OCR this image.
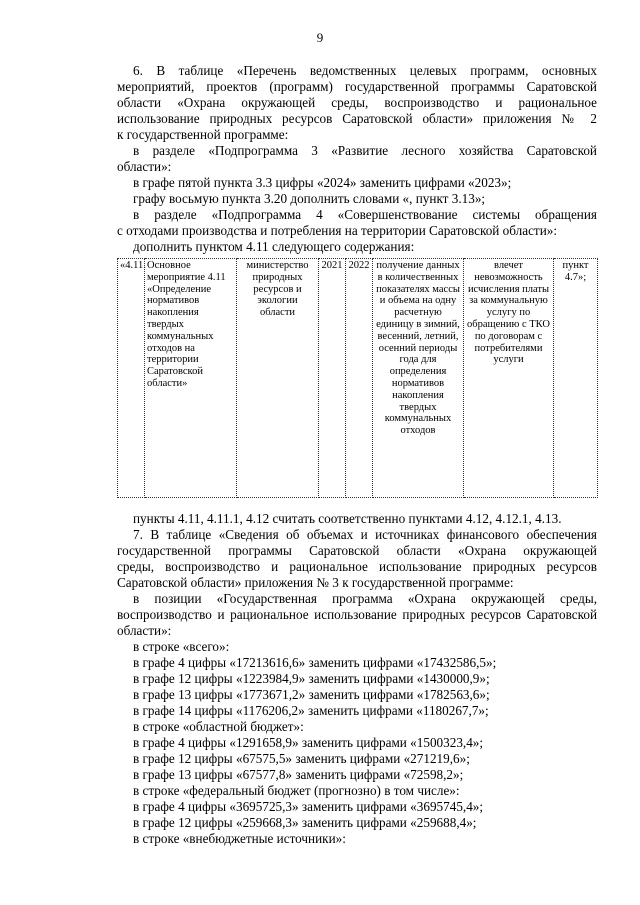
9
6. В таблице «Перечень ведомственных целевых программ, основных
мероприятий, проектов (программ) государственной программы Саратовской
области «Охрана окружающей среды, воспроизводство и рациональное
использование природных ресурсов Саратовской области» приложения № 2
к государственной программе:
в разделе «Подпрограмма 3 «Развитие лесного хозяйства Саратовской
области»:
в графе пятой пункта 3.3 цифры «2024» заменить цифрами «2023»;
графу восьмую пункта 3.20 дополнить словами «, пункт 3.13»;
в разделе «Подпрограмма 4 «Совершенствование системы обращения
с отходами производства и потребления на территории Саратовской области»:
дополнить пунктом 4.11 следующего содержания:
«4.11.	Основное мероприятие 4.11 «Определение нормативов накопления твердых коммунальных отходов на территории Саратовской области»	министерство природных ресурсов и экологии области	2021	2022	получение данных в количественных показателях массы и объема на одну расчетную единицу в зимний, весенний, летний, осенний периоды года для определения нормативов накопления твердых коммунальных отходов	влечет невозможность исчисления платы за коммунальную услугу по обращению с ТКО по договорам с потребителями услуги	пункт 4.7»;
пункты 4.11, 4.11.1, 4.12 считать соответственно пунктами 4.12, 4.12.1, 4.13.
7. В таблице «Сведения об объемах и источниках финансового обеспечения
государственной программы Саратовской области «Охрана окружающей
среды, воспроизводство и рациональное использование природных ресурсов
Саратовской области» приложения № 3 к государственной программе:
в позиции «Государственная программа «Охрана окружающей среды,
воспроизводство и рациональное использование природных ресурсов Саратовской
области»:
в строке «всего»:
в графе 4 цифры «17213616,6» заменить цифрами «17432586,5»;
в графе 12 цифры «1223984,9» заменить цифрами «1430000,9»;
в графе 13 цифры «1773671,2» заменить цифрами «1782563,6»;
в графе 14 цифры «1176206,2» заменить цифрами «1180267,7»;
в строке «областной бюджет»:
в графе 4 цифры «1291658,9» заменить цифрами «1500323,4»;
в графе 12 цифры «67575,5» заменить цифрами «271219,6»;
в графе 13 цифры «67577,8» заменить цифрами «72598,2»;
в строке «федеральный бюджет (прогнозно) в том числе»:
в графе 4 цифры «3695725,3» заменить цифрами «3695745,4»;
в графе 12 цифры «259668,3» заменить цифрами «259688,4»;
в строке «внебюджетные источники»:
